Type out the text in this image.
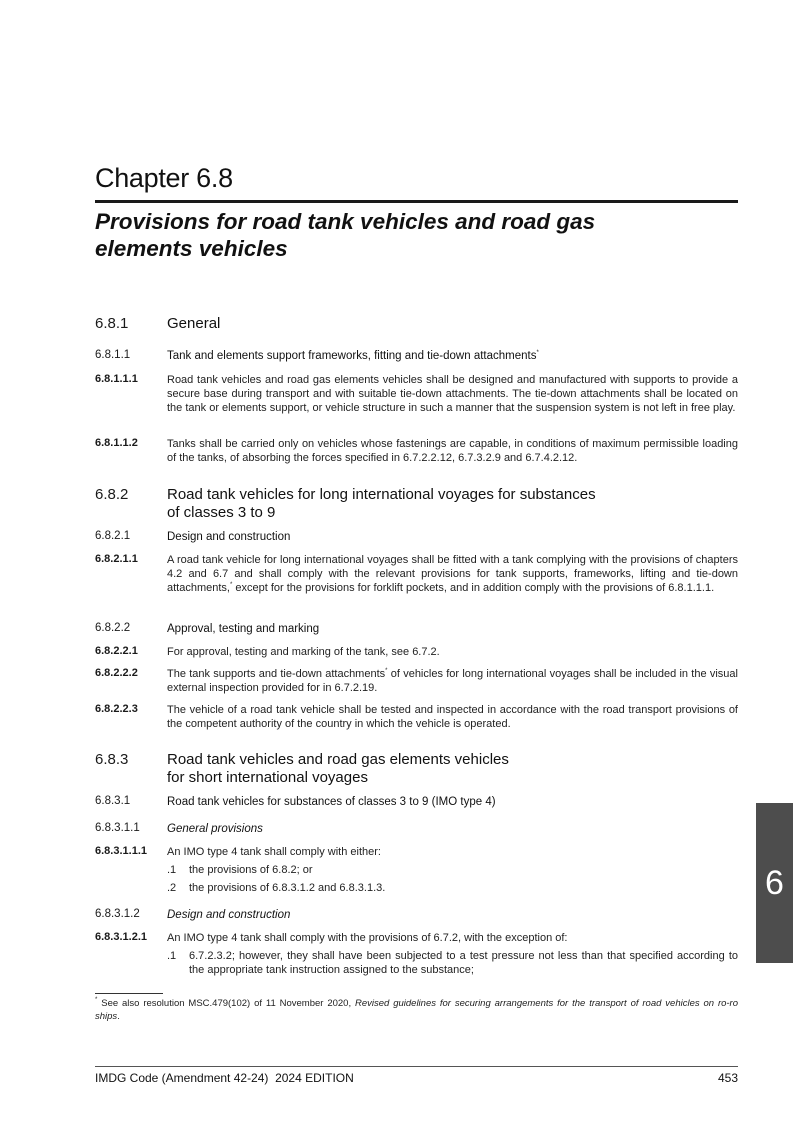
Chapter 6.8
Provisions for road tank vehicles and road gas elements vehicles
6.8.1	General
6.8.1.1	Tank and elements support frameworks, fitting and tie-down attachments*
6.8.1.1.1	Road tank vehicles and road gas elements vehicles shall be designed and manufactured with supports to provide a secure base during transport and with suitable tie-down attachments. The tie-down attachments shall be located on the tank or elements support, or vehicle structure in such a manner that the suspension system is not left in free play.
6.8.1.1.2	Tanks shall be carried only on vehicles whose fastenings are capable, in conditions of maximum permissible loading of the tanks, of absorbing the forces specified in 6.7.2.2.12, 6.7.3.2.9 and 6.7.4.2.12.
6.8.2	Road tank vehicles for long international voyages for substances
of classes 3 to 9
6.8.2.1	Design and construction
6.8.2.1.1	A road tank vehicle for long international voyages shall be fitted with a tank complying with the provisions of chapters 4.2 and 6.7 and shall comply with the relevant provisions for tank supports, frameworks, lifting and tie-down attachments,* except for the provisions for forklift pockets, and in addition comply with the provisions of 6.8.1.1.1.
6.8.2.2	Approval, testing and marking
6.8.2.2.1	For approval, testing and marking of the tank, see 6.7.2.
6.8.2.2.2	The tank supports and tie-down attachments* of vehicles for long international voyages shall be included in the visual external inspection provided for in 6.7.2.19.
6.8.2.2.3	The vehicle of a road tank vehicle shall be tested and inspected in accordance with the road transport provisions of the competent authority of the country in which the vehicle is operated.
6.8.3	Road tank vehicles and road gas elements vehicles
for short international voyages
6.8.3.1	Road tank vehicles for substances of classes 3 to 9 (IMO type 4)
6.8.3.1.1 General provisions
6.8.3.1.1.1 An IMO type 4 tank shall comply with either:
.1 the provisions of 6.8.2; or
.2 the provisions of 6.8.3.1.2 and 6.8.3.1.3.
6.8.3.1.2 Design and construction
6.8.3.1.2.1 An IMO type 4 tank shall comply with the provisions of 6.7.2, with the exception of:
.1 6.7.2.3.2; however, they shall have been subjected to a test pressure not less than that specified according to the appropriate tank instruction assigned to the substance;
* See also resolution MSC.479(102) of 11 November 2020, Revised guidelines for securing arrangements for the transport of road vehicles on ro-ro ships.
IMDG Code (Amendment 42-24) 2024 EDITION	453
6
